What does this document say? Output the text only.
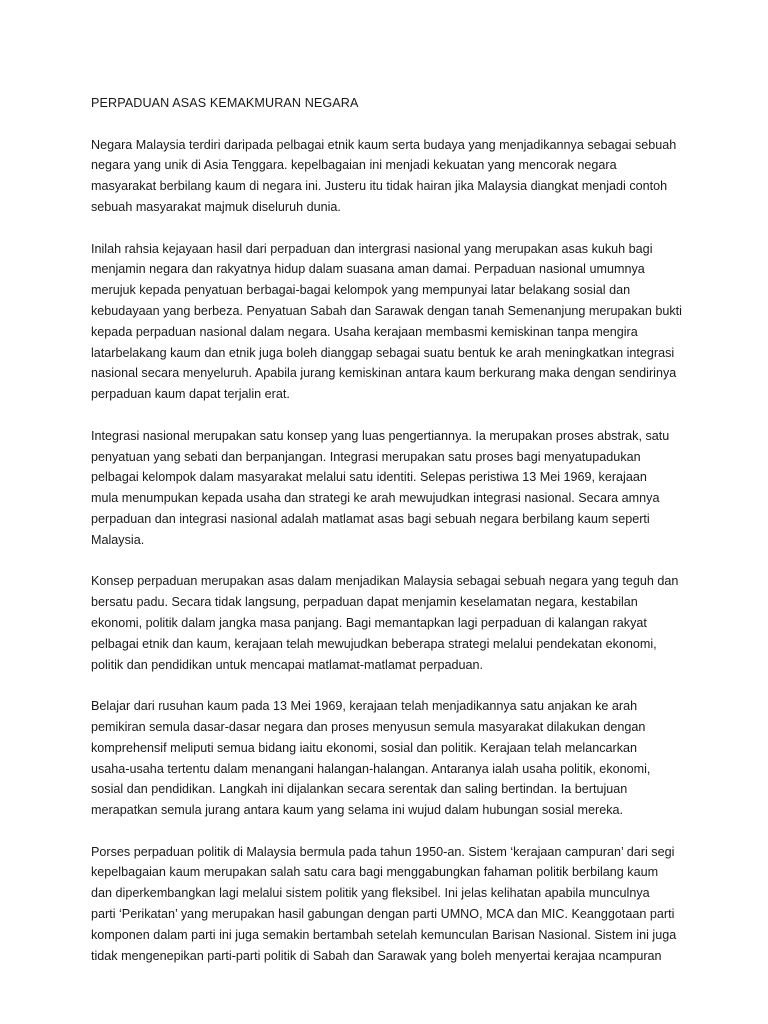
PERPADUAN ASAS KEMAKMURAN NEGARA
Negara Malaysia terdiri daripada pelbagai etnik kaum serta budaya yang menjadikannya sebagai sebuah
negara yang unik di Asia Tenggara. kepelbagaian ini menjadi kekuatan yang mencorak negara
masyarakat berbilang kaum di negara ini. Justeru itu tidak hairan jika Malaysia diangkat menjadi contoh
sebuah masyarakat majmuk diseluruh dunia.
Inilah rahsia kejayaan hasil dari perpaduan dan intergrasi nasional yang merupakan asas kukuh bagi
menjamin negara dan rakyatnya hidup dalam suasana aman damai. Perpaduan nasional umumnya
merujuk kepada penyatuan berbagai-bagai kelompok yang mempunyai latar belakang sosial dan
kebudayaan yang berbeza. Penyatuan Sabah dan Sarawak dengan tanah Semenanjung merupakan bukti
kepada perpaduan nasional dalam negara. Usaha kerajaan membasmi kemiskinan tanpa mengira
latarbelakang kaum dan etnik juga boleh dianggap sebagai suatu bentuk ke arah meningkatkan integrasi
nasional secara menyeluruh. Apabila jurang kemiskinan antara kaum berkurang maka dengan sendirinya
perpaduan kaum dapat terjalin erat.
Integrasi nasional merupakan satu konsep yang luas pengertiannya. Ia merupakan proses abstrak, satu
penyatuan yang sebati dan berpanjangan. Integrasi merupakan satu proses bagi menyatupadukan
pelbagai kelompok dalam masyarakat melalui satu identiti. Selepas peristiwa 13 Mei 1969, kerajaan
mula menumpukan kepada usaha dan strategi ke arah mewujudkan integrasi nasional. Secara amnya
perpaduan dan integrasi nasional adalah matlamat asas bagi sebuah negara berbilang kaum seperti
Malaysia.
Konsep perpaduan merupakan asas dalam menjadikan Malaysia sebagai sebuah negara yang teguh dan
bersatu padu. Secara tidak langsung, perpaduan dapat menjamin keselamatan negara, kestabilan
ekonomi, politik dalam jangka masa panjang. Bagi memantapkan lagi perpaduan di kalangan rakyat
pelbagai etnik dan kaum, kerajaan telah mewujudkan beberapa strategi melalui pendekatan ekonomi,
politik dan pendidikan untuk mencapai matlamat-matlamat perpaduan.
Belajar dari rusuhan kaum pada 13 Mei 1969, kerajaan telah menjadikannya satu anjakan ke arah
pemikiran semula dasar-dasar negara dan proses menyusun semula masyarakat dilakukan dengan
komprehensif meliputi semua bidang iaitu ekonomi, sosial dan politik. Kerajaan telah melancarkan
usaha-usaha tertentu dalam menangani halangan-halangan. Antaranya ialah usaha politik, ekonomi,
sosial dan pendidikan. Langkah ini dijalankan secara serentak dan saling bertindan. Ia bertujuan
merapatkan semula jurang antara kaum yang selama ini wujud dalam hubungan sosial mereka.
Porses perpaduan politik di Malaysia bermula pada tahun 1950-an. Sistem ‘kerajaan campuran’ dari segi
kepelbagaian kaum merupakan salah satu cara bagi menggabungkan fahaman politik berbilang kaum
dan diperkembangkan lagi melalui sistem politik yang fleksibel. Ini jelas kelihatan apabila munculnya
parti ‘Perikatan’ yang merupakan hasil gabungan dengan parti UMNO, MCA dan MIC. Keanggotaan parti
komponen dalam parti ini juga semakin bertambah setelah kemunculan Barisan Nasional. Sistem ini juga
tidak mengenepikan parti-parti politik di Sabah dan Sarawak yang boleh menyertai kerajaa ncampuran
